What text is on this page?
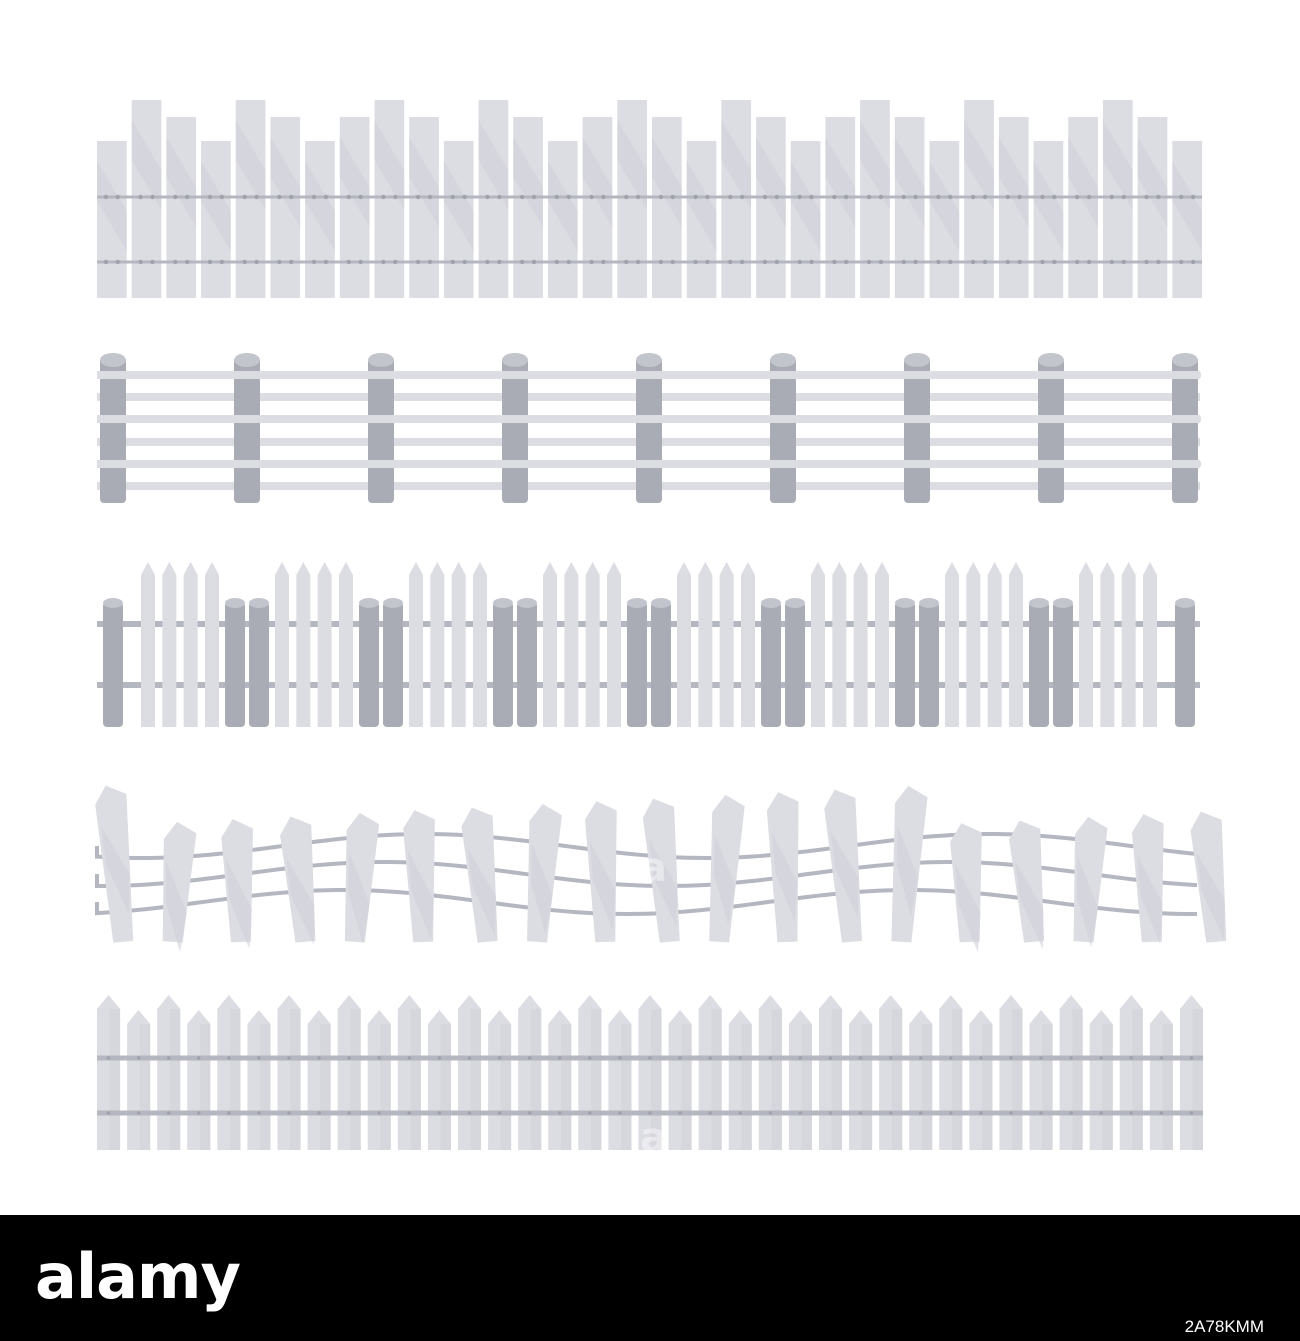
a
a
a
alamy
2A78KMM
